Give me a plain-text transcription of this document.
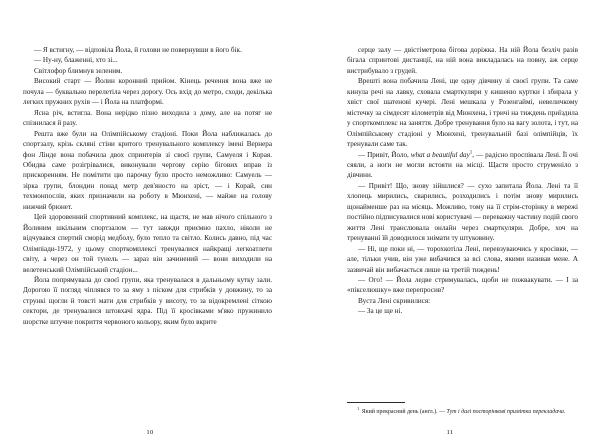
— Я встигну, — відповіла Йола, й голови не повернувши в його бік.

— Ну-ну, блаженні, хто зі...

Світлофор блимнув зеленим.

Високий старт — Йолин коронний прийом. Кінець речення вона вже не почула — буквально перелетіла через дорогу. Ось вхід до метро, сходи, декілька легких пружних рухів — і Йола на платформі.

Ясна річ, встигла. Вона нерідко пізно виходила з дому, але на потяг не спізнилася й разу.

Решта вже були на Олімпійському стадіоні. Поки Йола наближалась до спортзалу, крізь скляні стіни критого тренувального комплексу імені Вернера фон Лінде вона побачила двох спринтерів зі своєї групи, Самуеля і Корая. Обидва саме розігрівалися, виконували чергову серію бігових вправ із прискоренням. Не помітити цю парочку було просто неможливо: Самуель — зірка групи, блондин понад метр дев'яносто на зріст, — і Корай, син техмонпослів, яких призначили на роботу в Мюнхені, — майже на голову нижчий брюнет.

Цей здоровенний спортивний комплекс, на щастя, не мав нічого спільного з Йолиним шкільним спортзалом — тут завжди приємно пахло, ніколи не відчувався спертий сморід медболу, було тепло та світло. Колись давно, під час Олімпіади-1972, у цьому спорткомплексі тренувалися найкращі легкоатлети світу, а через он той тунель — зараз він зачинений — вони виходили на велетенський Олімпійський стадіон...

Йола попрямувала до своєї групи, яка тренувалася в дальньому кутку зали. Дорогою її погляд чіплявся то за яму з піском для стрибків у довжину, то за стрункі щогли й товсті мати для стрибків у висоту, то за відокремлені сіткою сектори, де тренувалися штовхачі ядра. Під її кросівками м'яко пружинило шорстке штучне покриття червоного кольору, яким було вкрите

10

серце залу — двістіметрова бігова доріжка. На ній Йола безліч разів бігала спринтові дистанції, на ній вона викладалась на повну, аж серце вистрибувало з грудей.

Врешті вона побачила Лені, ще одну дівчину зі своєї групи. Та саме кинула речі на лавку, сховала смарткуляри у кишеню куртки і збирала у хвіст свої шатенові кучері. Лені мешкала у Розенгаймі, невеличкому містечку за сімдесят кілометрів від Мюнхена, і тричі на тиждень приїздила у спорткомплекс на заняття. Добре тренування було на вагу золота, і тут, на Олімпійському стадіоні у Мюнхені, тренувальній базі олімпійців, їх тренували саме так.

— Привіт, Йоло, what a beautiful day$^1$, — радісно проспівала Лені. Її очі сяяли, а ноги не могли встояти на місці. Щастя просто струменіло з дівчини.

— Привіт! Що, знову зійшлися? — сухо запитала Йола. Лені та її хлопець мирились, сварились, розходились і потім знову мирились щонайменше раз на місяць. Можливо, тому на її стрім-сторінку в мережі постійно підписувалися нові користувачі — переважну частину подій свого життя Лені транслювала онлайн через смарткуляри. Добре, хоч на тренуванні їй доводилося знімати ту штуковину.

— Ні, ще поки ні, — торохкотіла Лені, перевзуваючись у кросівки, — але, тільки учив, він уже вибачився за всі слова, якими називав мене. А зазвичай він вибачається лише на третій тиждень!

— Ого! — Йола ледве стримувалась, щоби не пожвакувати. — І за «пікселюшку» вже перепросив?

Вуста Лені скривилися:

— За це ще ні.

$^1$Який прекрасний день (англ.). — Тут і далі посторінкові примітки перекладача.
11
